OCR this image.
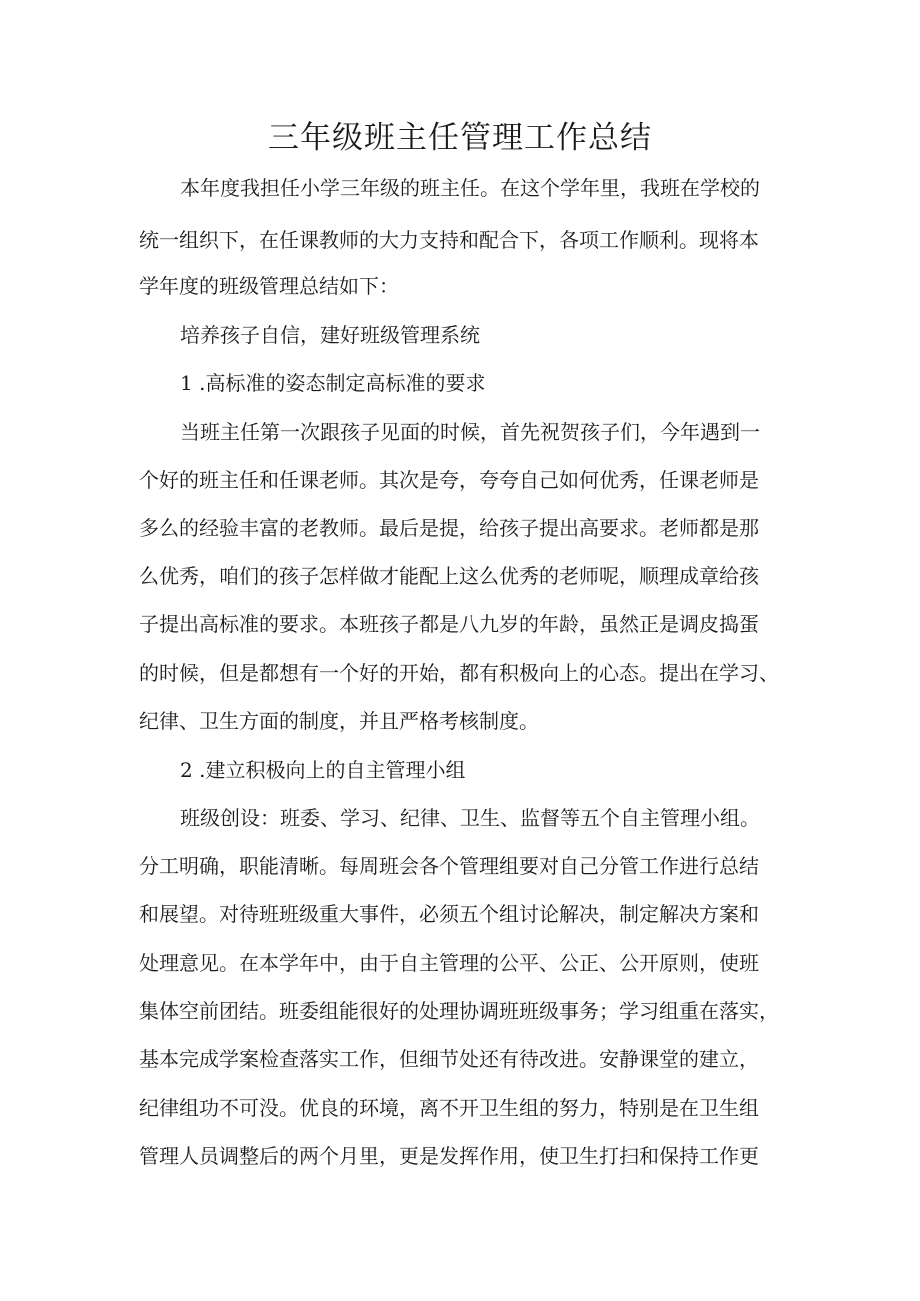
三年级班主任管理工作总结

本年度我担任小学三年级的班主任。在这个学年里，我班在学校的

统一组织下，在任课教师的大力支持和配合下，各项工作顺利。现将本

学年度的班级管理总结如下：

培养孩子自信，建好班级管理系统

1 .高标准的姿态制定高标准的要求

当班主任第一次跟孩子见面的时候，首先祝贺孩子们，今年遇到一

个好的班主任和任课老师。其次是夸，夸夸自己如何优秀，任课老师是

多么的经验丰富的老教师。最后是提，给孩子提出高要求。老师都是那

么优秀，咱们的孩子怎样做才能配上这么优秀的老师呢，顺理成章给孩

子提出高标准的要求。本班孩子都是八九岁的年龄，虽然正是调皮捣蛋

的时候，但是都想有一个好的开始，都有积极向上的心态。提出在学习、

纪律、卫生方面的制度，并且严格考核制度。

2 .建立积极向上的自主管理小组

班级创设：班委、学习、纪律、卫生、监督等五个自主管理小组。

分工明确，职能清晰。每周班会各个管理组要对自己分管工作进行总结

和展望。对待班班级重大事件，必须五个组讨论解决，制定解决方案和

处理意见。在本学年中，由于自主管理的公平、公正、公开原则，使班

集体空前团结。班委组能很好的处理协调班班级事务；学习组重在落实，

基本完成学案检查落实工作，但细节处还有待改进。安静课堂的建立，

纪律组功不可没。优良的环境，离不开卫生组的努力，特别是在卫生组

管理人员调整后的两个月里，更是发挥作用，使卫生打扫和保持工作更
